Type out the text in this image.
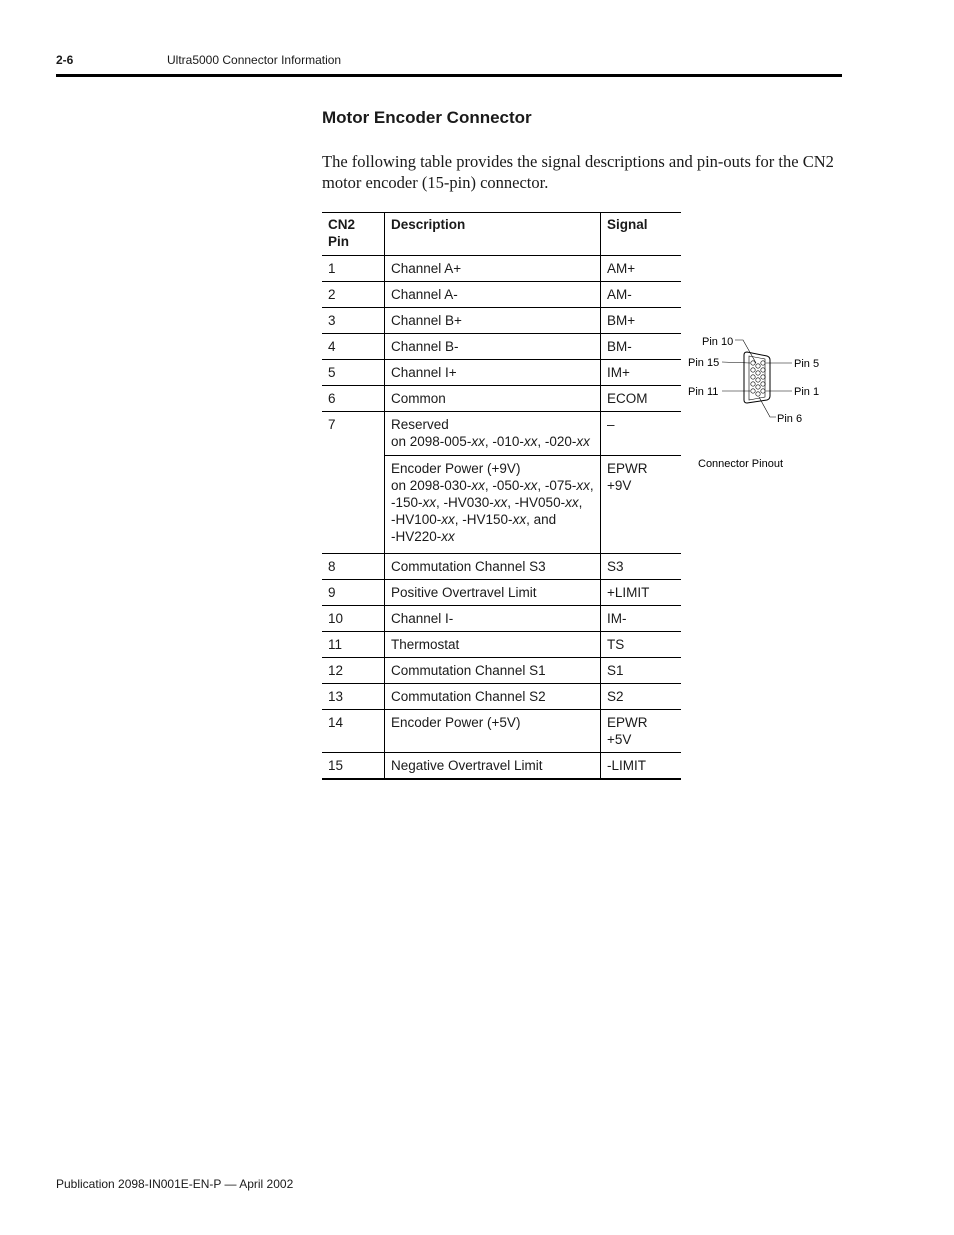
2-6	Ultra5000 Connector Information
Motor Encoder Connector
The following table provides the signal descriptions and pin-outs for the CN2 motor encoder (15-pin) connector.
CN2 Pin	Description	Signal
1	Channel A+	AM+
2	Channel A-	AM-
3	Channel B+	BM+
4	Channel B-	BM-
5	Channel I+	IM+
6	Common	ECOM
7	Reserved
on 2098-005-xx, -010-xx, -020-xx	–

	Encoder Power (+9V)
on 2098-030-xx, -050-xx, -075-xx,
-150-xx, -HV030-xx, -HV050-xx,
-HV100-xx, -HV150-xx, and
-HV220-xx	EPWR +9V
8	Commutation Channel S3	S3
9	Positive Overtravel Limit	+LIMIT
10	Channel I-	IM-
11	Thermostat	TS
12	Commutation Channel S1	S1
13	Commutation Channel S2	S2
14	Encoder Power (+5V)	EPWR +5V
15	Negative Overtravel Limit	-LIMIT
Pin 10
Pin 15
Pin 11
Pin 5
Pin 1
Pin 6
Connector Pinout
Publication 2098-IN001E-EN-P — April 2002
